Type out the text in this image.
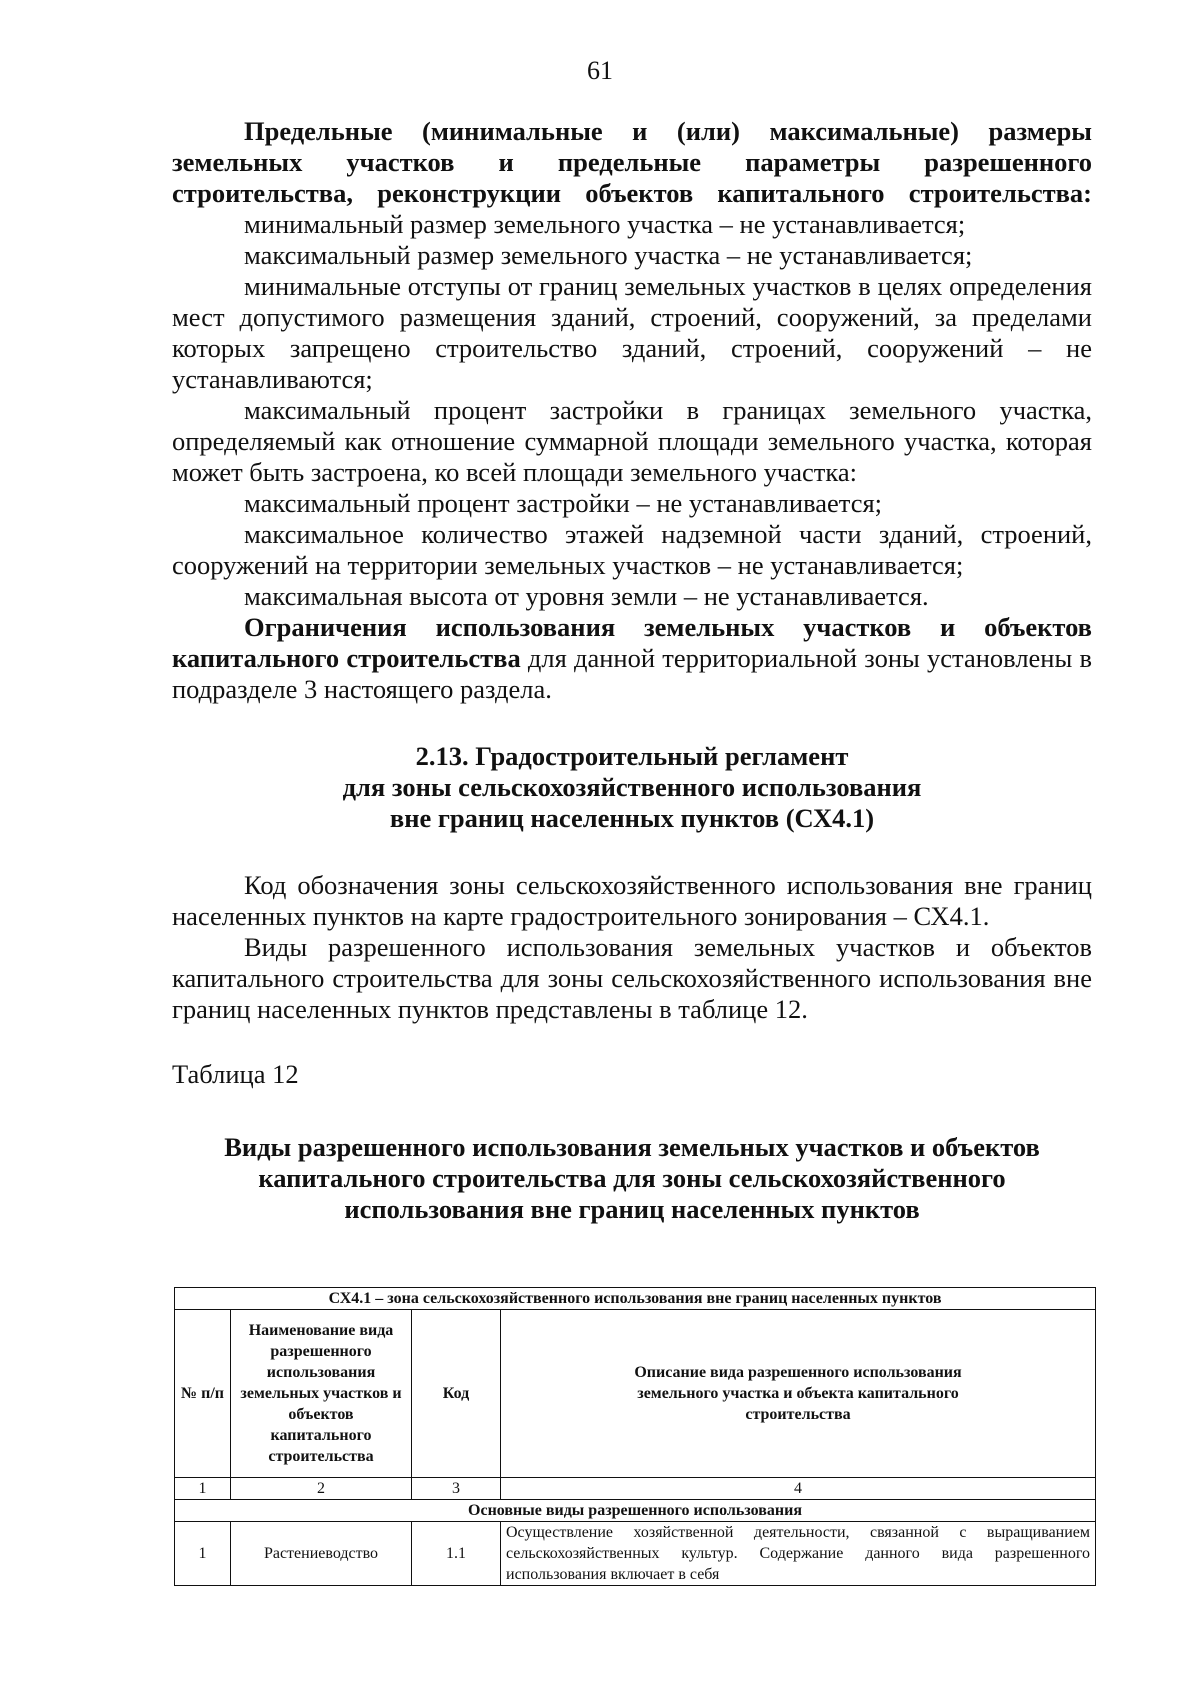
61

Предельные (минимальные и (или) максимальные) размеры земельных участков и предельные параметры разрешенного строительства, реконструкции объектов капитального строительства:

минимальный размер земельного участка – не устанавливается;

максимальный размер земельного участка – не устанавливается;

минимальные отступы от границ земельных участков в целях определения мест допустимого размещения зданий, строений, сооружений, за пределами которых запрещено строительство зданий, строений, сооружений – не устанавливаются;

максимальный процент застройки в границах земельного участка, определяемый как отношение суммарной площади земельного участка, которая может быть застроена, ко всей площади земельного участка:

максимальный процент застройки – не устанавливается;

максимальное количество этажей надземной части зданий, строений, сооружений на территории земельных участков – не устанавливается;

максимальная высота от уровня земли – не устанавливается.

Ограничения использования земельных участков и объектов капитального строительства для данной территориальной зоны установлены в подразделе 3 настоящего раздела.

2.13. Градостроительный регламент
для зоны сельскохозяйственного использования
вне границ населенных пунктов (СХ4.1)

Код обозначения зоны сельскохозяйственного использования вне границ населенных пунктов на карте градостроительного зонирования – СХ4.1.

Виды разрешенного использования земельных участков и объектов капитального строительства для зоны сельскохозяйственного использования вне границ населенных пунктов представлены в таблице 12.

Таблица 12

Виды разрешенного использования земельных участков и объектов
капитального строительства для зоны сельскохозяйственного
использования вне границ населенных пунктов
СХ4.1 – зона сельскохозяйственного использования вне границ населенных пунктов			
№ п/п	Наименование вида разрешенного использования земельных участков и объектов капитального строительства	Код	Описание вида разрешенного использования земельного участка и объекта капитального строительства
1	2	3	4
Основные виды разрешенного использования			
1	Растениеводство	1.1	Осуществление хозяйственной деятельности, связанной с выращиванием сельскохозяйственных культур. Содержание данного вида разрешенного использования включает в себя
